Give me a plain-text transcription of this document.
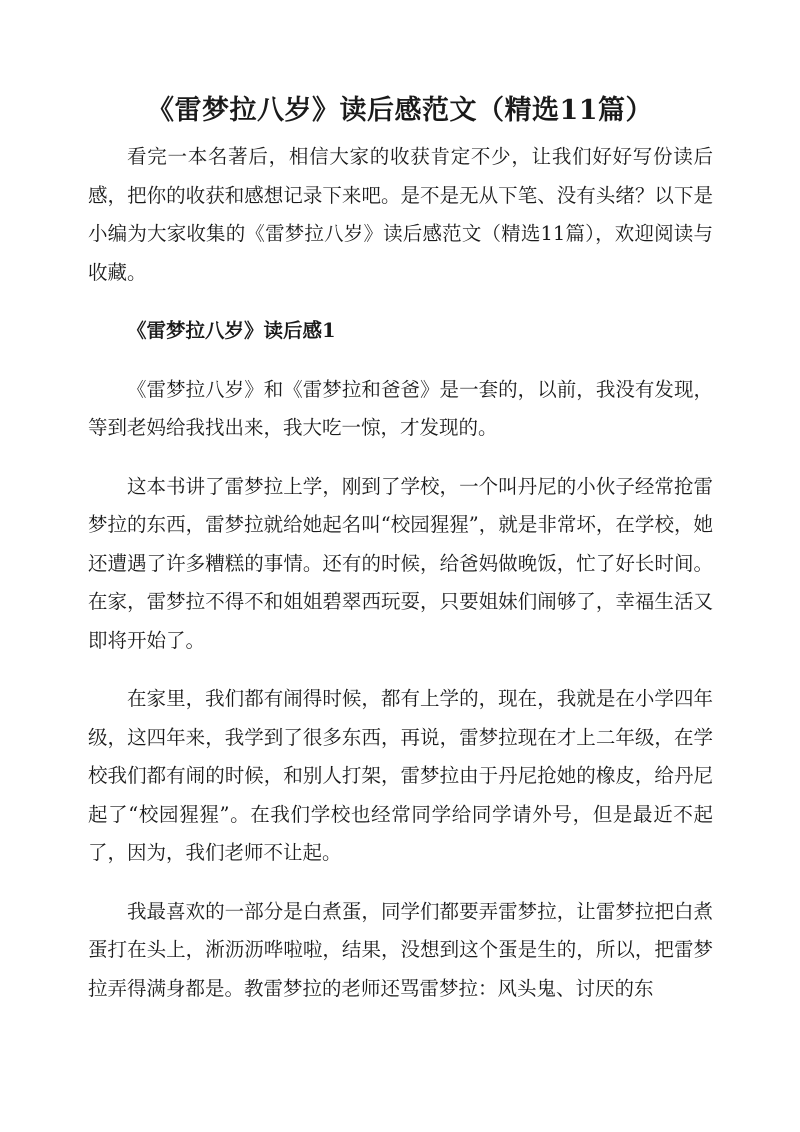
《雷梦拉八岁》读后感范文（精选11篇）

看完一本名著后，相信大家的收获肯定不少，让我们好好写份读后感，把你的收获和感想记录下来吧。是不是无从下笔、没有头绪？以下是小编为大家收集的《雷梦拉八岁》读后感范文（精选11篇），欢迎阅读与收藏。

《雷梦拉八岁》读后感1

《雷梦拉八岁》和《雷梦拉和爸爸》是一套的，以前，我没有发现，等到老妈给我找出来，我大吃一惊，才发现的。

这本书讲了雷梦拉上学，刚到了学校，一个叫丹尼的小伙子经常抢雷梦拉的东西，雷梦拉就给她起名叫“校园猩猩”，就是非常坏，在学校，她还遭遇了许多糟糕的事情。还有的时候，给爸妈做晚饭，忙了好长时间。在家，雷梦拉不得不和姐姐碧翠西玩耍，只要姐妹们闹够了，幸福生活又即将开始了。

在家里，我们都有闹得时候，都有上学的，现在，我就是在小学四年级，这四年来，我学到了很多东西，再说，雷梦拉现在才上二年级，在学校我们都有闹的时候，和别人打架，雷梦拉由于丹尼抢她的橡皮，给丹尼起了“校园猩猩”。在我们学校也经常同学给同学请外号，但是最近不起了，因为，我们老师不让起。

我最喜欢的一部分是白煮蛋，同学们都要弄雷梦拉，让雷梦拉把白煮蛋打在头上，淅沥沥哗啦啦，结果，没想到这个蛋是生的，所以，把雷梦拉弄得满身都是。教雷梦拉的老师还骂雷梦拉：风头鬼、讨厌的东
